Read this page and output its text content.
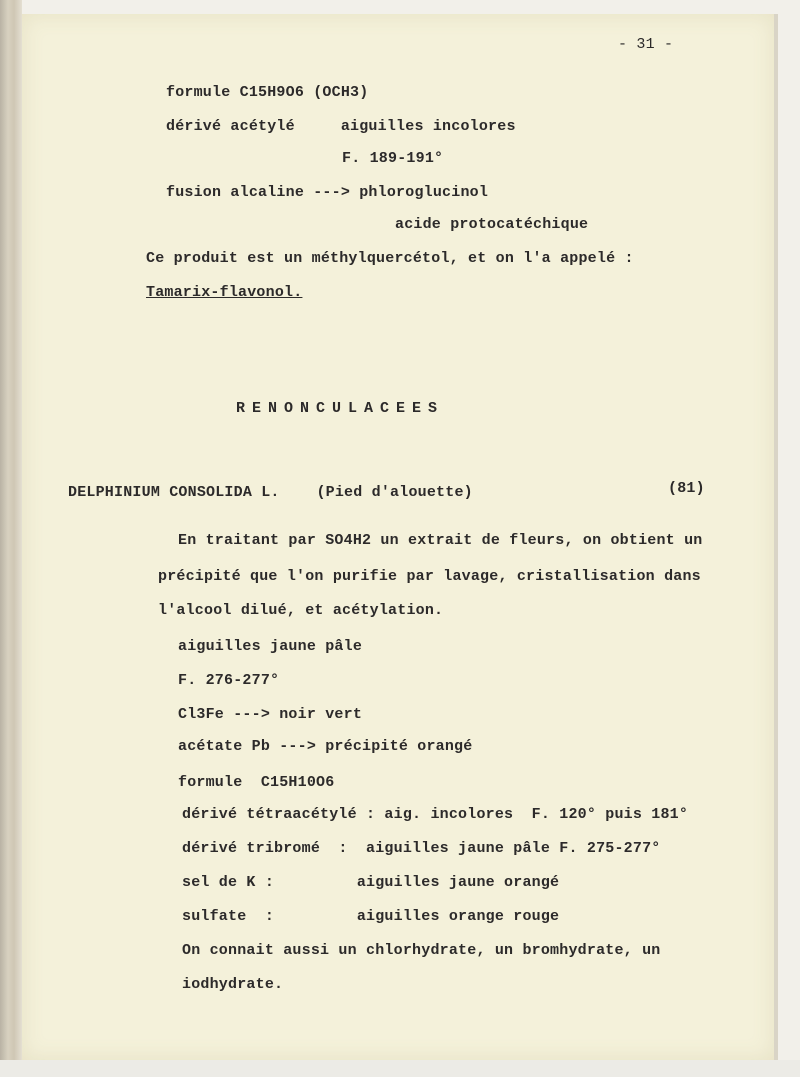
- 31 -
formule C15H9O6 (OCH3)
dérivé acétylé     aiguilles incolores
F. 189-191°
fusion alcaline ---> phloroglucinol
acide protocatéchique
Ce produit est un méthylquercétol, et on l'a appelé :
Tamarix-flavonol.
RENONCULACEES
DELPHINIUM CONSOLIDA L.    (Pied d'alouette)	(81)
En traitant par SO4H2 un extrait de fleurs, on obtient un
précipité que l'on purifie par lavage, cristallisation dans
l'alcool dilué, et acétylation.
aiguilles jaune pâle
F. 276-277°
Cl3Fe ---> noir vert
acétate Pb ---> précipité orangé
formule  C15H10O6
dérivé tétraacétylé : aig. incolores  F. 120° puis 181°
dérivé tribromé  :  aiguilles jaune pâle F. 275-277°
sel de K :         aiguilles jaune orangé
sulfate  :         aiguilles orange rouge
On connait aussi un chlorhydrate, un bromhydrate, un
iodhydrate.
